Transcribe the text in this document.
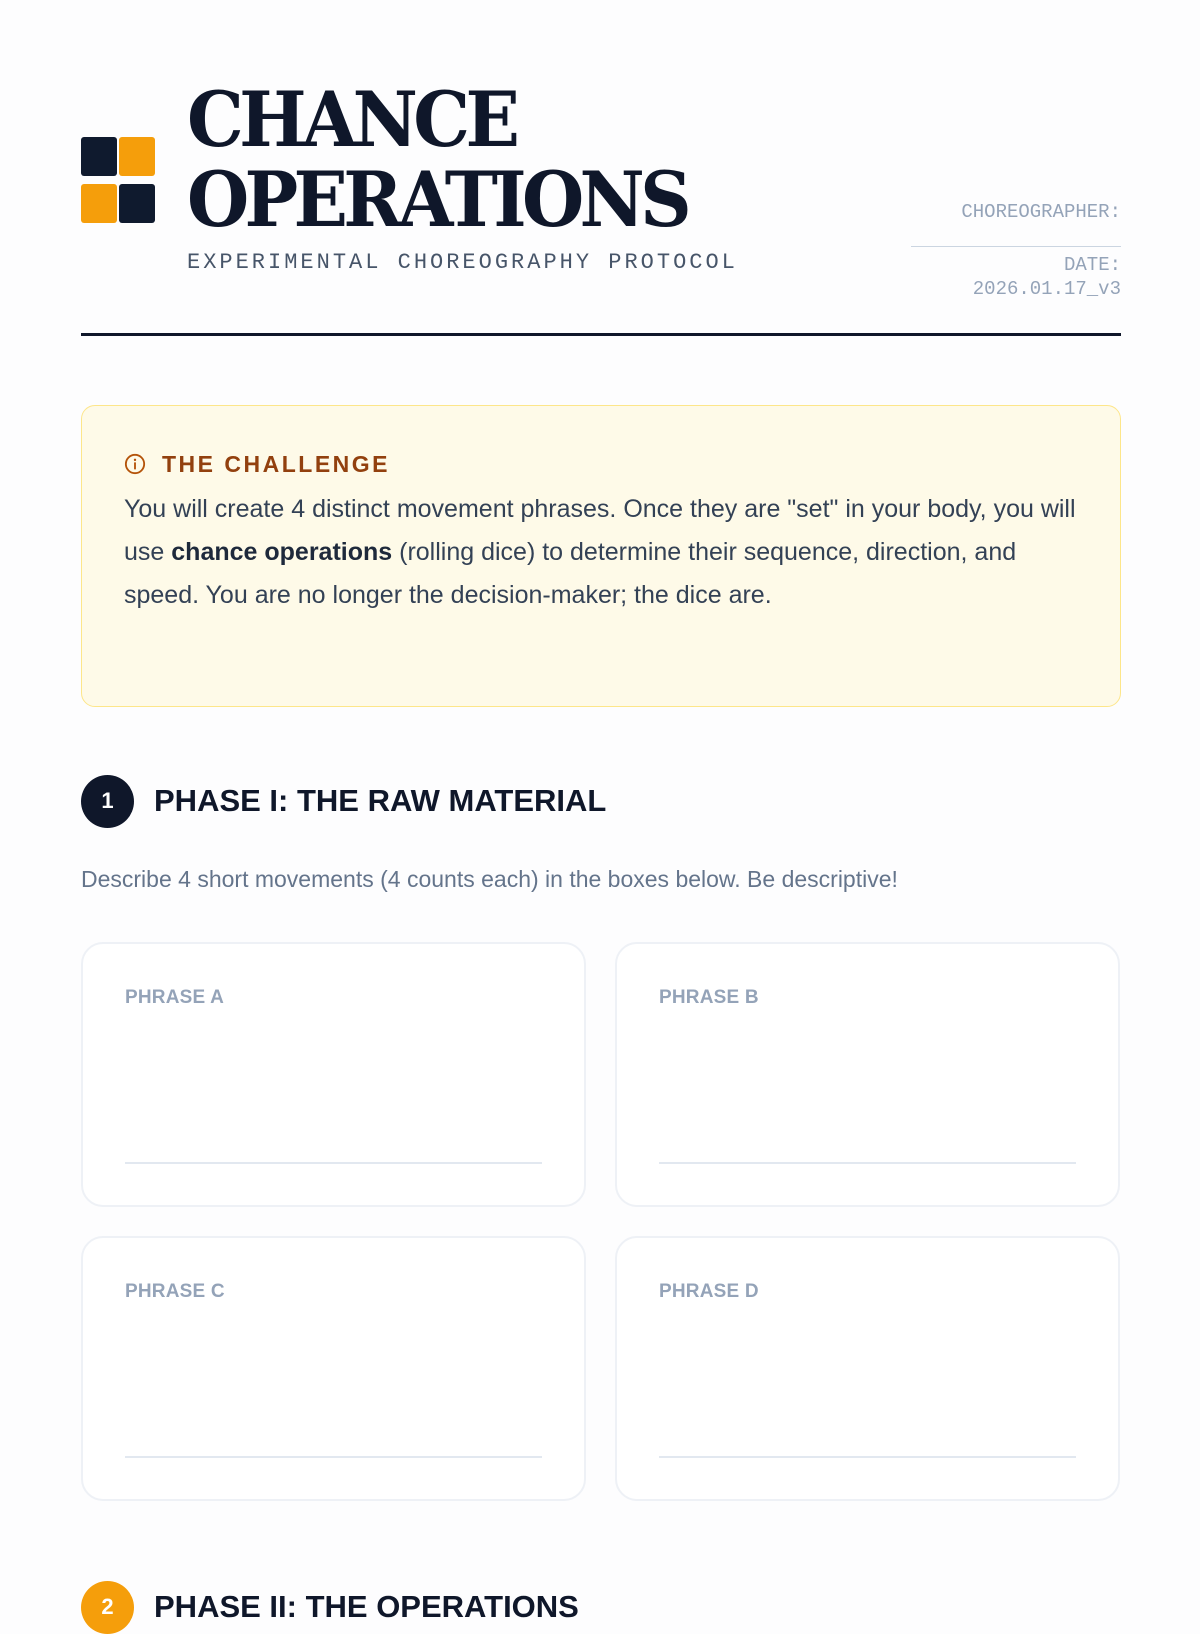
CHANCE
OPERATIONS
EXPERIMENTAL CHOREOGRAPHY PROTOCOL
CHOREOGRAPHER:
DATE: 2026.01.17_v3
THE CHALLENGE

You will create 4 distinct movement phrases. Once they are "set" in your body, you will use chance operations (rolling dice) to determine their sequence, direction, and speed. You are no longer the decision-maker; the dice are.

1	PHASE I: THE RAW MATERIAL
Describe 4 short movements (4 counts each) in the boxes below. Be descriptive!
PHRASE A	PHRASE B
PHRASE C	PHRASE D
2	PHASE II: THE OPERATIONS
